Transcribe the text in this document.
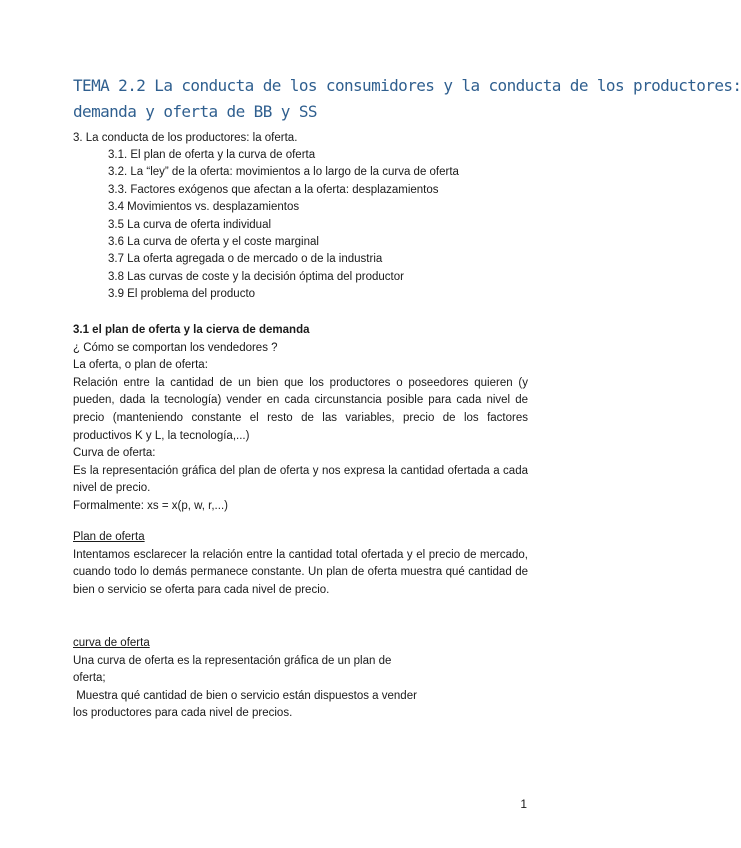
TEMA 2.2 La conducta de los consumidores y la conducta de los productores:
demanda y oferta de BB y SS
3. La conducta de los productores: la oferta.
3.1. El plan de oferta y la curva de oferta
3.2. La “ley” de la oferta: movimientos a lo largo de la curva de oferta
3.3. Factores exógenos que afectan a la oferta: desplazamientos
3.4 Movimientos vs. desplazamientos
3.5 La curva de oferta individual
3.6 La curva de oferta y el coste marginal
3.7 La oferta agregada o de mercado o de la industria
3.8 Las curvas de coste y la decisión óptima del productor
3.9 El problema del producto

3.1 el plan de oferta y la cierva de demanda

¿ Cómo se comportan los vendedores ?

La oferta, o plan de oferta:

Relación entre la cantidad de un bien que los productores o poseedores quieren (y pueden, dada la tecnología) vender en cada circunstancia posible para cada nivel de precio (manteniendo constante el resto de las variables, precio de los factores productivos K y L, la tecnología,...)

Curva de oferta:

Es la representación gráfica del plan de oferta y nos expresa la cantidad ofertada a cada nivel de precio.

Formalmente: xs = x(p, w, r,...)

Plan de oferta

Intentamos esclarecer la relación entre la cantidad total ofertada y el precio de mercado, cuando todo lo demás permanece constante. Un plan de oferta muestra qué cantidad de bien o servicio se oferta para cada nivel de precio.

curva de oferta

Una curva de oferta es la representación gráfica de un plan de

oferta;

Muestra qué cantidad de bien o servicio están dispuestos a vender

los productores para cada nivel de precios.

1
